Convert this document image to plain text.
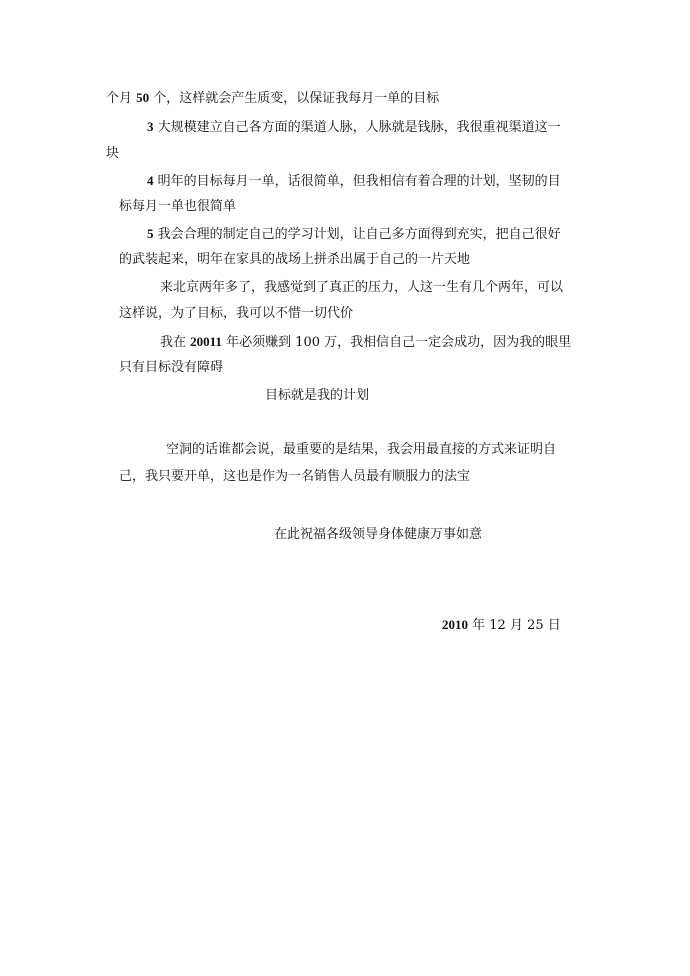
个月 50 个，这样就会产生质变，以保证我每月一单的目标
3 大规模建立自己各方面的渠道人脉，人脉就是钱脉，我很重视渠道这一
块
4 明年的目标每月一单，话很简单，但我相信有着合理的计划，坚韧的目
标每月一单也很简单
5 我会合理的制定自己的学习计划，让自己多方面得到充实，把自己很好
的武装起来，明年在家具的战场上拼杀出属于自己的一片天地
来北京两年多了，我感觉到了真正的压力，人这一生有几个两年，可以
这样说，为了目标，我可以不惜一切代价
我在 20011 年必须赚到 100 万，我相信自己一定会成功，因为我的眼里
只有目标没有障碍
目标就是我的计划
空洞的话谁都会说，最重要的是结果，我会用最直接的方式来证明自
己，我只要开单，这也是作为一名销售人员最有顺服力的法宝
在此祝福各级领导身体健康万事如意
2010 年 12 月 25 日
